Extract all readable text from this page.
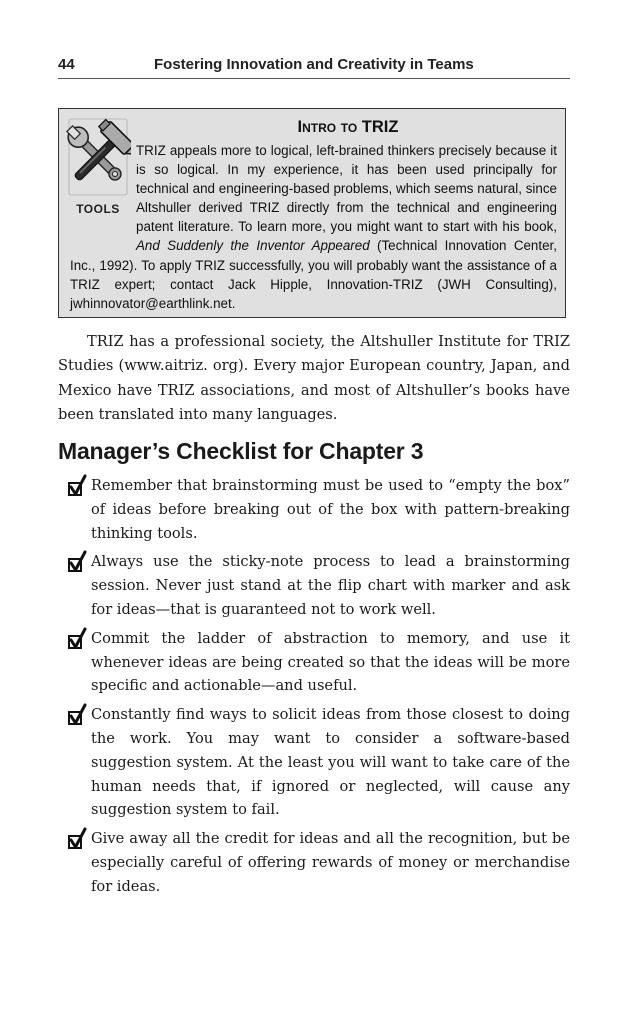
44	Fostering Innovation and Creativity in Teams
TOOLS
Intro to TRIZ
TRIZ appeals more to logical, left-brained thinkers precisely because it is so logical. In my experience, it has been used principally for technical and engineering-based problems, which seems natural, since Altshuller derived TRIZ directly from the technical and engineering patent literature. To learn more, you might want to start with his book, And Suddenly the Inventor Appeared (Technical Innovation Center, Inc., 1992). To apply TRIZ successfully, you will probably want the assistance of a TRIZ expert; contact Jack Hipple, Innovation-TRIZ (JWH Consulting), jwhinnovator@earthlink.net.

TRIZ has a professional society, the Altshuller Institute for TRIZ Studies (www.aitriz. org). Every major European country, Japan, and Mexico have TRIZ associations, and most of Altshuller’s books have been translated into many languages.

Manager’s Checklist for Chapter 3
Remember that brainstorming must be used to “empty the box” of ideas before breaking out of the box with pattern-breaking thinking tools.
Always use the sticky-note process to lead a brainstorming session. Never just stand at the flip chart with marker and ask for ideas—that is guaranteed not to work well.
Commit the ladder of abstraction to memory, and use it whenever ideas are being created so that the ideas will be more specific and actionable—and useful.
Constantly find ways to solicit ideas from those closest to doing the work. You may want to consider a software-based suggestion system. At the least you will want to take care of the human needs that, if ignored or neglected, will cause any suggestion system to fail.
Give away all the credit for ideas and all the recognition, but be especially careful of offering rewards of money or merchandise for ideas.
